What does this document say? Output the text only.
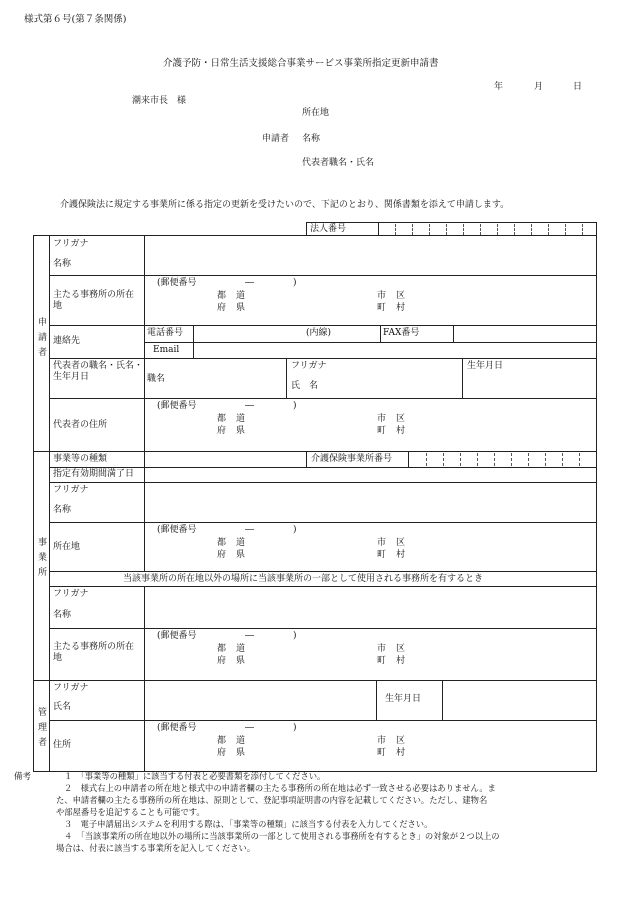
様式第６号(第７条関係)
介護予防・日常生活支援総合事業サービス事業所指定更新申請書
年	月	日
潮来市長　様
所在地
申請者 名称
代表者職名・氏名
介護保険法に規定する事業所に係る指定の更新を受けたいので、下記のとおり、関係書類を添えて申請します。
申請者
事業所
管理者
法人番号
フリガナ
名称
主たる事務所の所在地
(郵便番号	―	)
都 道
府 県
市 区
町 村
連絡先
電話番号	(内線)	FAX番号
Email
代表者の職名・氏名・生年月日	職名
フリガナ
氏　名
生年月日
代表者の住所
(郵便番号	―	)
都 道
府 県
市 区
町 村
事業等の種類	介護保険事業所番号
指定有効期間満了日
フリガナ
名称
所在地
(郵便番号	―	)
都 道
府 県
市 区
町 村
当該事業所の所在地以外の場所に当該事業所の一部として使用される事務所を有するとき
フリガナ
名称
主たる事務所の所在地
(郵便番号	―	)
都 道
府 県
市 区
町 村
フリガナ
氏名
生年月日
住所
(郵便番号	―	)
都 道
府 県
市 区
町 村
備考	１　「事業等の種類」に該当する付表と必要書類を添付してください。
２　様式右上の申請者の所在地と様式中の申請者欄の主たる事務所の所在地は必ず一致させる必要はありません。ま
た、申請者欄の主たる事務所の所在地は、原則として、登記事項証明書の内容を記載してください。ただし、建物名
や部屋番号を追記することも可能です。
３　電子申請届出システムを利用する際は、「事業等の種類」に該当する付表を入力してください。
４　「当該事業所の所在地以外の場所に当該事業所の一部として使用される事務所を有するとき」の対象が２つ以上の
場合は、付表に該当する事業所を記入してください。
